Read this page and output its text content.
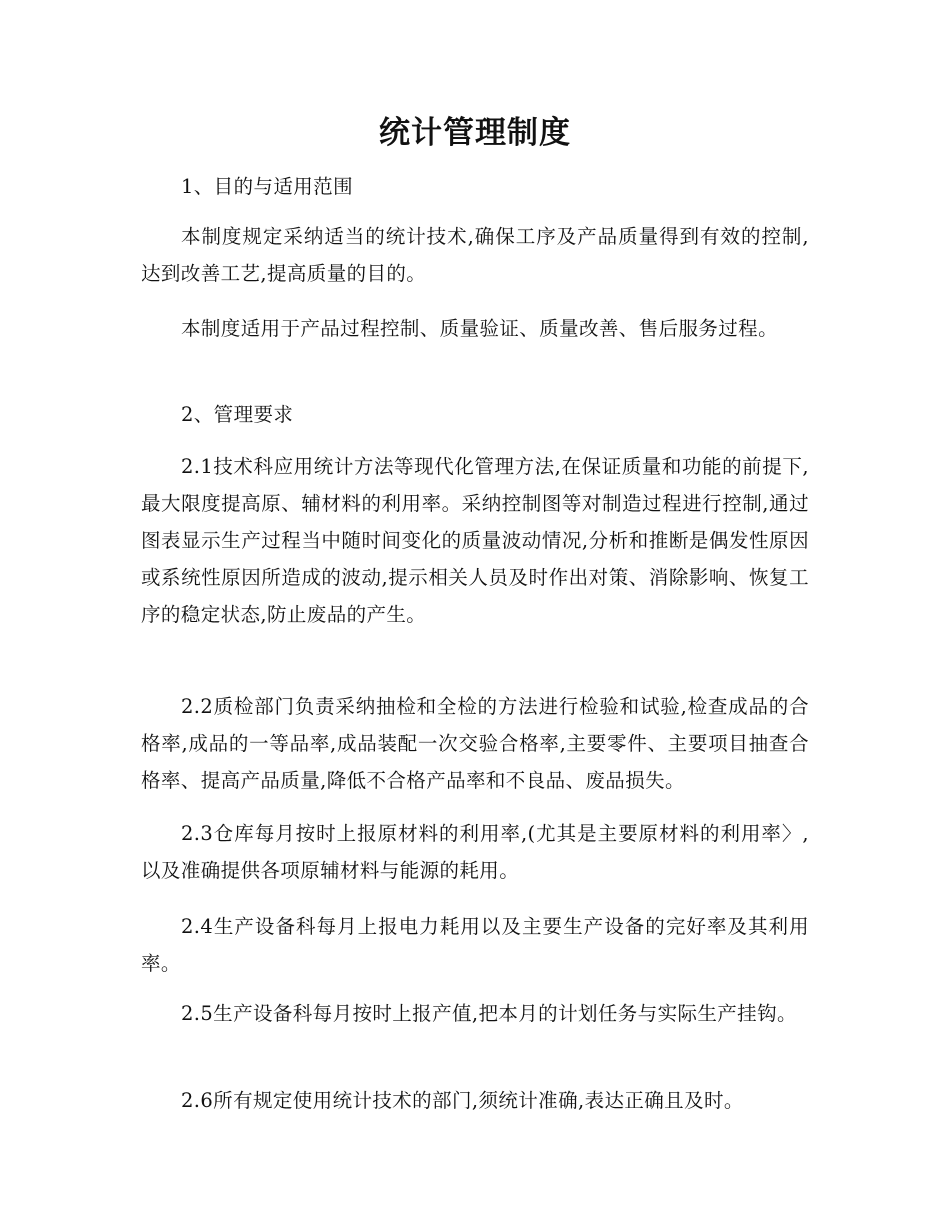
统计管理制度

1、目的与适用范围

本制度规定采纳适当的统计技术,确保工序及产品质量得到有效的控制,达到改善工艺,提高质量的目的。

本制度适用于产品过程控制、质量验证、质量改善、售后服务过程。

2、管理要求

2.1技术科应用统计方法等现代化管理方法,在保证质量和功能的前提下,最大限度提高原、辅材料的利用率。采纳控制图等对制造过程进行控制,通过图表显示生产过程当中随时间变化的质量波动情况,分析和推断是偶发性原因或系统性原因所造成的波动,提示相关人员及时作出对策、消除影响、恢复工序的稳定状态,防止废品的产生。

2.2质检部门负责采纳抽检和全检的方法进行检验和试验,检查成品的合格率,成品的一等品率,成品装配一次交验合格率,主要零件、主要项目抽查合格率、提高产品质量,降低不合格产品率和不良品、废品损失。

2.3仓库每月按时上报原材料的利用率,(尤其是主要原材料的利用率〉,以及准确提供各项原辅材料与能源的耗用。

2.4生产设备科每月上报电力耗用以及主要生产设备的完好率及其利用率。

2.5生产设备科每月按时上报产值,把本月的计划任务与实际生产挂钩。

2.6所有规定使用统计技术的部门,须统计准确,表达正确且及时。
